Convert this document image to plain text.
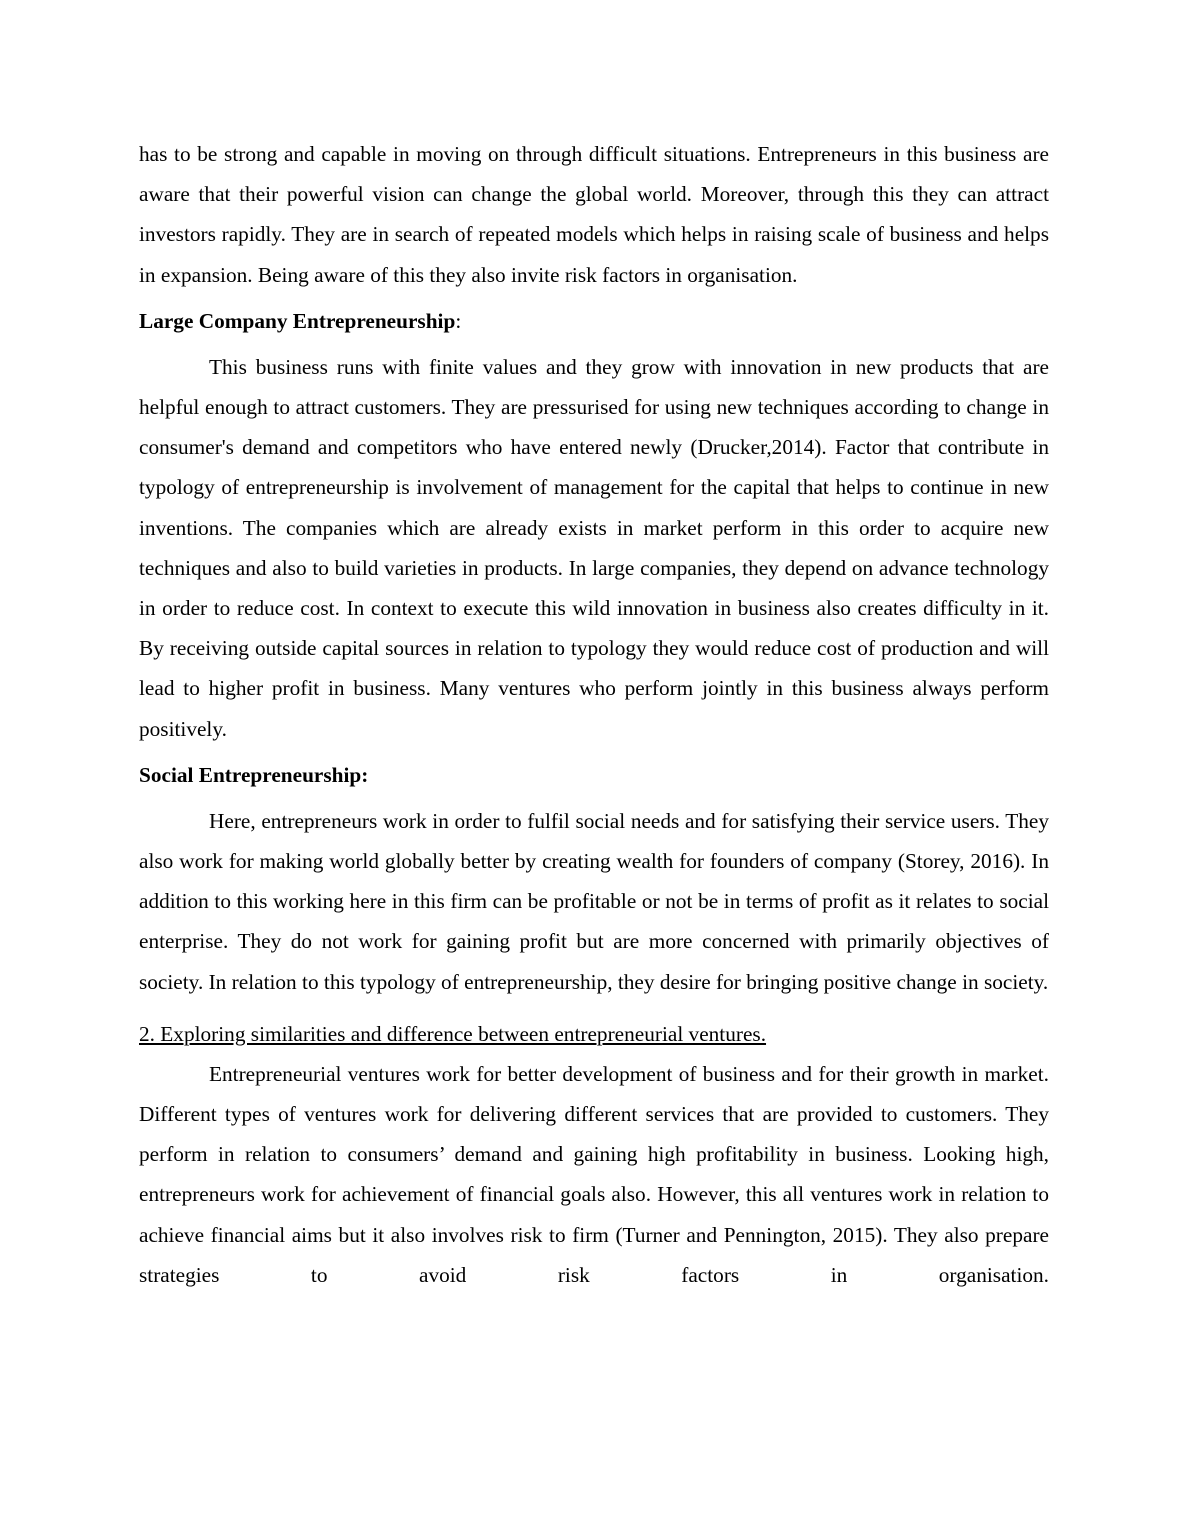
has to be strong and capable in moving on through difficult situations. Entrepreneurs in this business are aware that their powerful vision can change the global world. Moreover, through this they can attract investors rapidly. They are in search of repeated models which helps in raising scale of business and helps in expansion. Being aware of this they also invite risk factors in organisation.

Large Company Entrepreneurship:

This business runs with finite values and they grow with innovation in new products that are helpful enough to attract customers. They are pressurised for using new techniques according to change in consumer's demand and competitors who have entered newly (Drucker,2014). Factor that contribute in typology of entrepreneurship is involvement of management for the capital that helps to continue in new inventions. The companies which are already exists in market perform in this order to acquire new techniques and also to build varieties in products. In large companies, they depend on advance technology in order to reduce cost. In context to execute this wild innovation in business also creates difficulty in it. By receiving outside capital sources in relation to typology they would reduce cost of production and will lead to higher profit in business. Many ventures who perform jointly in this business always perform positively.

Social Entrepreneurship:

Here, entrepreneurs work in order to fulfil social needs and for satisfying their service users. They also work for making world globally better by creating wealth for founders of company (Storey, 2016). In addition to this working here in this firm can be profitable or not be in terms of profit as it relates to social enterprise. They do not work for gaining profit but are more concerned with primarily objectives of society. In relation to this typology of entrepreneurship, they desire for bringing positive change in society.

2. Exploring similarities and difference between entrepreneurial ventures.

Entrepreneurial ventures work for better development of business and for their growth in market. Different types of ventures work for delivering different services that are provided to customers. They perform in relation to consumers’ demand and gaining high profitability in business. Looking high, entrepreneurs work for achievement of financial goals also. However, this all ventures work in relation to achieve financial aims but it also involves risk to firm (Turner and Pennington, 2015). They also prepare strategies to avoid risk factors in organisation.
